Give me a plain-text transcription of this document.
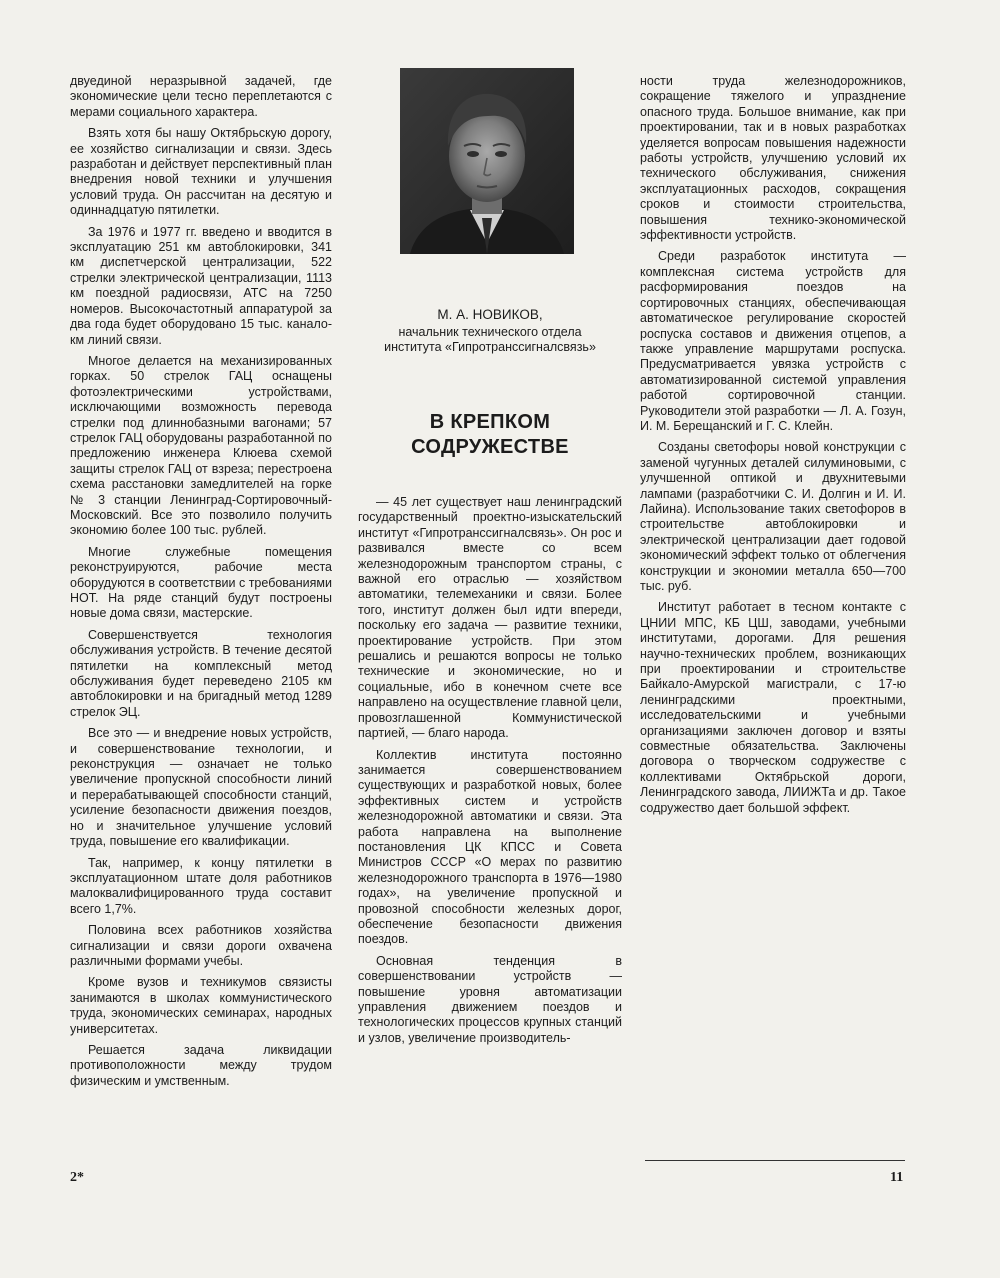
М. А. НОВИКОВ,
начальник технического отдела
института «Гипротранссигналсвязь»
В КРЕПКОМ
СОДРУЖЕСТВЕ

двуединой неразрывной задачей, где экономические цели тесно переплетаются с мерами социального характера.

Взять хотя бы нашу Октябрьскую дорогу, ее хозяйство сигнализации и связи. Здесь разработан и действует перспективный план внедрения новой техники и улучшения условий труда. Он рассчитан на десятую и одиннадцатую пятилетки.

За 1976 и 1977 гг. введено и вводится в эксплуатацию 251 км автоблокировки, 341 км диспетчерской централизации, 522 стрелки электрической централизации, 1113 км поездной радиосвязи, АТС на 7250 номеров. Высокочастотный аппаратурой за два года будет оборудовано 15 тыс. канало-км линий связи.

Многое делается на механизированных горках. 50 стрелок ГАЦ оснащены фотоэлектрическими устройствами, исключающими возможность перевода стрелки под длиннобазными вагонами; 57 стрелок ГАЦ оборудованы разработанной по предложению инженера Клюева схемой защиты стрелок ГАЦ от взреза; перестроена схема расстановки замедлителей на горке № 3 станции Ленинград-Сортировочный-Московский. Все это позволило получить экономию более 100 тыс. рублей.

Многие служебные помещения реконструируются, рабочие места оборудуются в соответствии с требованиями НОТ. На ряде станций будут построены новые дома связи, мастерские.

Совершенствуется технология обслуживания устройств. В течение десятой пятилетки на комплексный метод обслуживания будет переведено 2105 км автоблокировки и на бригадный метод 1289 стрелок ЭЦ.

Все это — и внедрение новых устройств, и совершенствование технологии, и реконструкция — означает не только увеличение пропускной способности линий и перерабатывающей способности станций, усиление безопасности движения поездов, но и значительное улучшение условий труда, повышение его квалификации.

Так, например, к концу пятилетки в эксплуатационном штате доля работников малоквалифицированного труда составит всего 1,7%.

Половина всех работников хозяйства сигнализации и связи дороги охвачена различными формами учебы.

Кроме вузов и техникумов связисты занимаются в школах коммунистического труда, экономических семинарах, народных университетах.

Решается задача ликвидации противоположности между трудом физическим и умственным.

— 45 лет существует наш ленинградский государственный проектно-изыскательский институт «Гипротранссигналсвязь». Он рос и развивался вместе со всем железнодорожным транспортом страны, с важной его отраслью — хозяйством автоматики, телемеханики и связи. Более того, институт должен был идти впереди, поскольку его задача — развитие техники, проектирование устройств. При этом решались и решаются вопросы не только технические и экономические, но и социальные, ибо в конечном счете все направлено на осуществление главной цели, провозглашенной Коммунистической партией, — благо народа.

Коллектив института постоянно занимается совершенствованием существующих и разработкой новых, более эффективных систем и устройств железнодорожной автоматики и связи. Эта работа направлена на выполнение постановления ЦК КПСС и Совета Министров СССР «О мерах по развитию железнодорожного транспорта в 1976—1980 годах», на увеличение пропускной и провозной способности железных дорог, обеспечение безопасности движения поездов.

Основная тенденция в совершенствовании устройств — повышение уровня автоматизации управления движением поездов и технологических процессов крупных станций и узлов, увеличение производитель-

ности труда железнодорожников, сокращение тяжелого и упразднение опасного труда. Большое внимание, как при проектировании, так и в новых разработках уделяется вопросам повышения надежности работы устройств, улучшению условий их технического обслуживания, снижения эксплуатационных расходов, сокращения сроков и стоимости строительства, повышения технико-экономической эффективности устройств.

Среди разработок института — комплексная система устройств для расформирования поездов на сортировочных станциях, обеспечивающая автоматическое регулирование скоростей роспуска составов и движения отцепов, а также управление маршрутами роспуска. Предусматривается увязка устройств с автоматизированной системой управления работой сортировочной станции. Руководители этой разработки — Л. А. Гозун, И. М. Берещанский и Г. С. Клейн.

Созданы светофоры новой конструкции с заменой чугунных деталей силуминовыми, с улучшенной оптикой и двухнитевыми лампами (разработчики С. И. Долгин и И. И. Лайина). Использование таких светофоров в строительстве автоблокировки и электрической централизации дает годовой экономический эффект только от облегчения конструкции и экономии металла 650—700 тыс. руб.

Институт работает в тесном контакте с ЦНИИ МПС, КБ ЦШ, заводами, учебными институтами, дорогами. Для решения научно-технических проблем, возникающих при проектировании и строительстве Байкало-Амурской магистрали, с 17-ю ленинградскими проектными, исследовательскими и учебными организациями заключен договор и взяты совместные обязательства. Заключены договора о творческом содружестве с коллективами Октябрьской дороги, Ленинградского завода, ЛИИЖТа и др. Такое содружество дает большой эффект.

2*	11
